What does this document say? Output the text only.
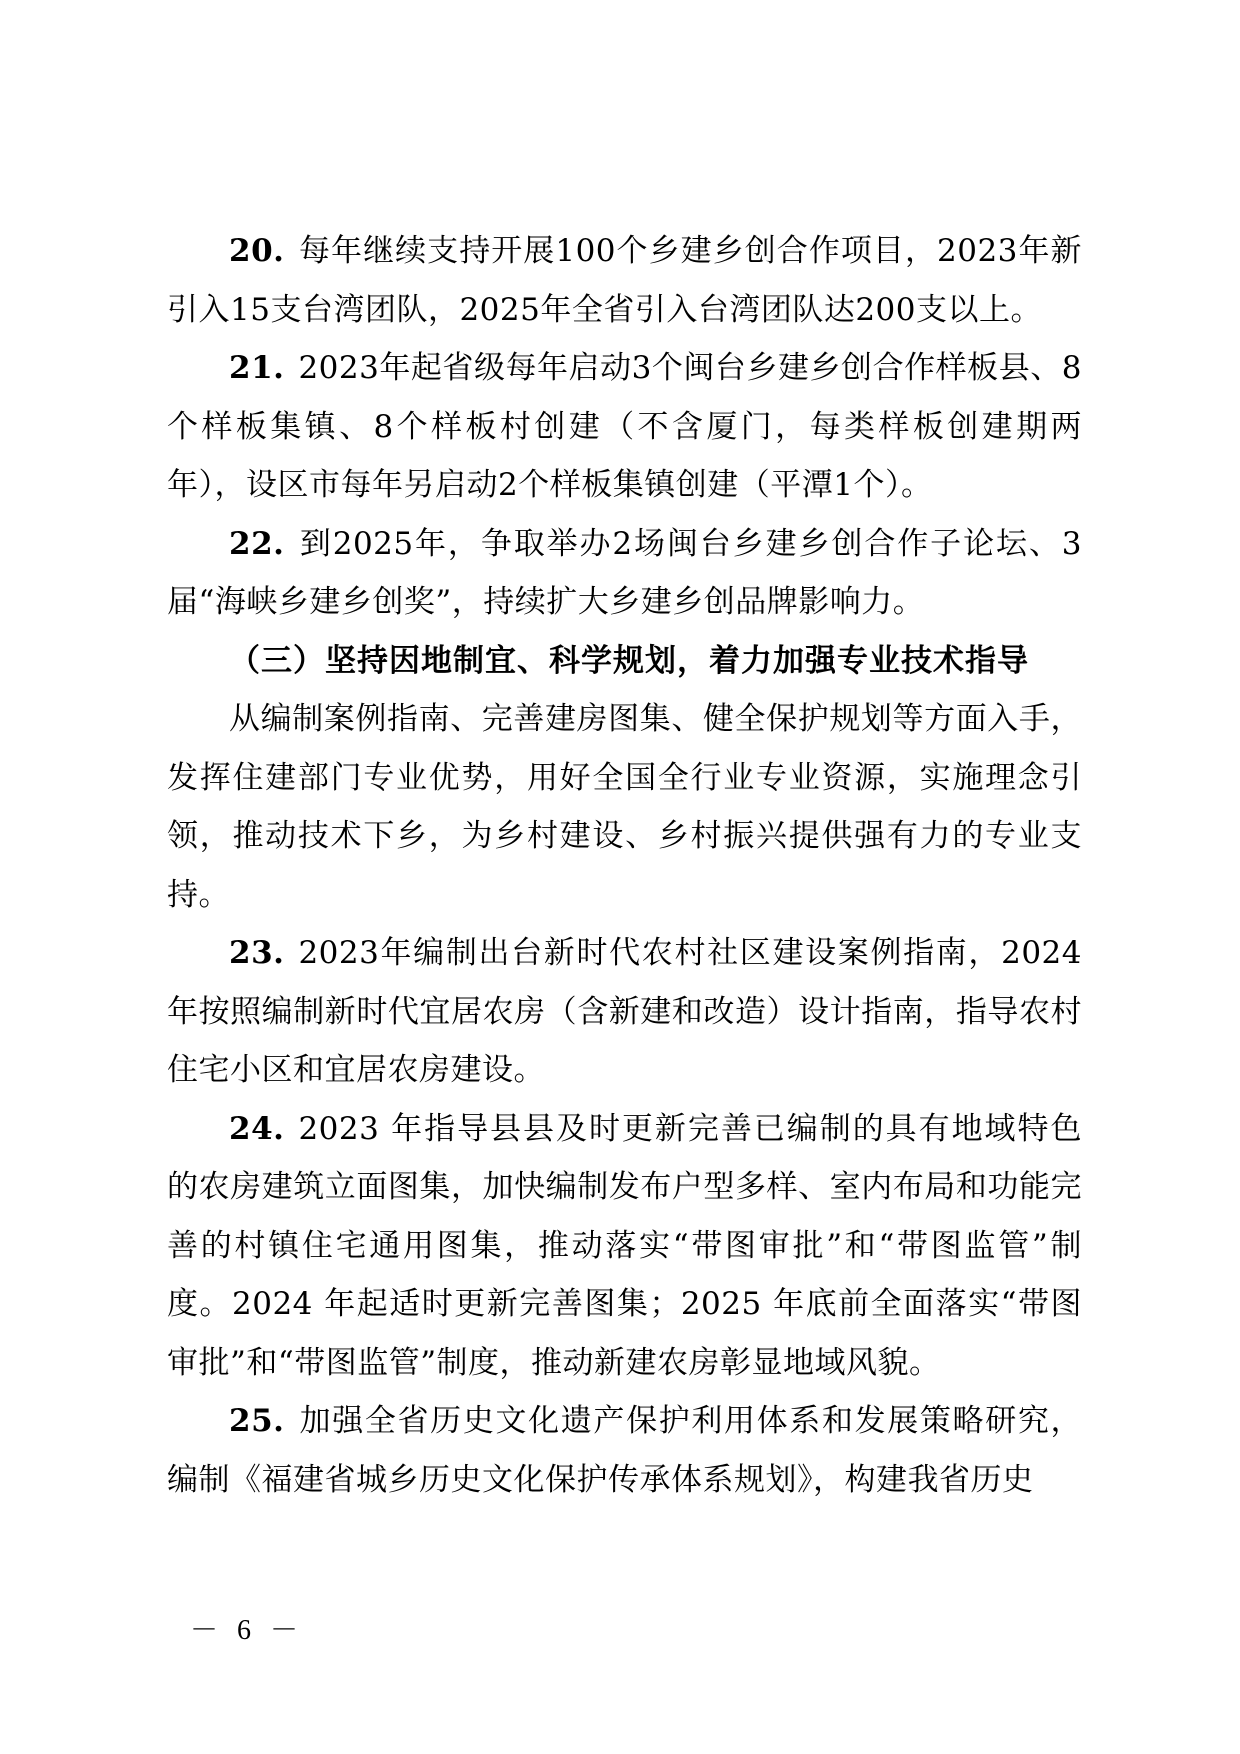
20. 每年继续支持开展100个乡建乡创合作项目，2023年新引入15支台湾团队，2025年全省引入台湾团队达200支以上。

21. 2023年起省级每年启动3个闽台乡建乡创合作样板县、8个样板集镇、8个样板村创建（不含厦门，每类样板创建期两年），设区市每年另启动2个样板集镇创建（平潭1个）。

22. 到2025年，争取举办2场闽台乡建乡创合作子论坛、3届“海峡乡建乡创奖”，持续扩大乡建乡创品牌影响力。

（三）坚持因地制宜、科学规划，着力加强专业技术指导

从编制案例指南、完善建房图集、健全保护规划等方面入手，发挥住建部门专业优势，用好全国全行业专业资源，实施理念引领，推动技术下乡，为乡村建设、乡村振兴提供强有力的专业支持。

23. 2023年编制出台新时代农村社区建设案例指南，2024年按照编制新时代宜居农房（含新建和改造）设计指南，指导农村住宅小区和宜居农房建设。

24. 2023 年指导县县及时更新完善已编制的具有地域特色的农房建筑立面图集，加快编制发布户型多样、室内布局和功能完善的村镇住宅通用图集，推动落实“带图审批”和“带图监管”制度。2024 年起适时更新完善图集；2025 年底前全面落实“带图审批”和“带图监管”制度，推动新建农房彰显地域风貌。

25. 加强全省历史文化遗产保护利用体系和发展策略研究，编制《福建省城乡历史文化保护传承体系规划》，构建我省历史

－ 6 －
